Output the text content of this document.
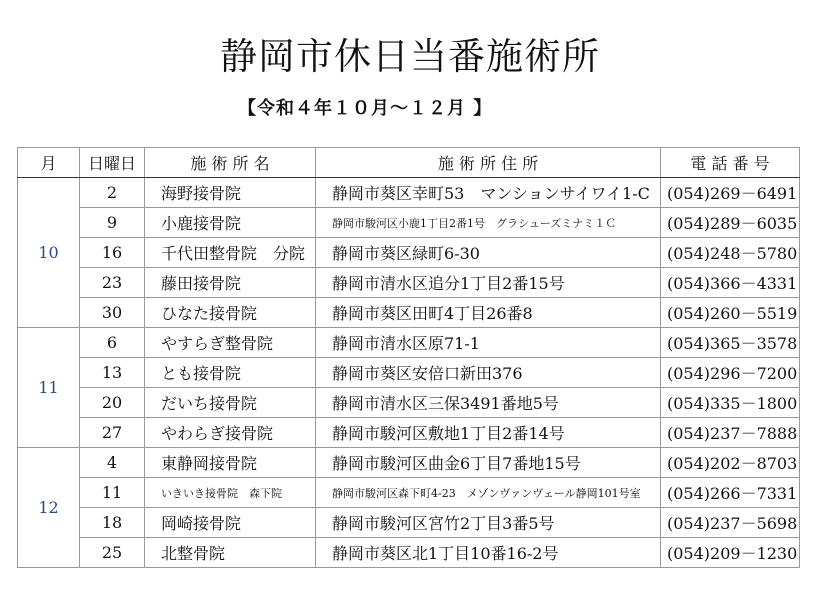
静岡市休日当番施術所
【令和４年１０月～１２月 】
月	日曜日	施 術 所 名	施 術 所 住 所	電 話 番 号
10	2	海野接骨院	静岡市葵区幸町53　マンションサイワイ1-C	(054)269－6491
	9	小鹿接骨院	静岡市駿河区小鹿1丁目2番1号　グラシューズミナミ１Ｃ	(054)289－6035
	16	千代田整骨院　分院	静岡市葵区緑町6-30	(054)248－5780
	23	藤田接骨院	静岡市清水区追分1丁目2番15号	(054)366－4331
	30	ひなた接骨院	静岡市葵区田町4丁目26番8	(054)260－5519
11	6	やすらぎ整骨院	静岡市清水区原71-1	(054)365－3578
	13	とも接骨院	静岡市葵区安倍口新田376	(054)296－7200
	20	だいち接骨院	静岡市清水区三保3491番地5号	(054)335－1800
	27	やわらぎ接骨院	静岡市駿河区敷地1丁目2番14号	(054)237－7888
12	4	東静岡接骨院	静岡市駿河区曲金6丁目7番地15号	(054)202－8703
	11	いきいき接骨院　森下院	静岡市駿河区森下町4-23　メゾンヴァンヴェール静岡101号室	(054)266－7331
	18	岡崎接骨院	静岡市駿河区宮竹2丁目3番5号	(054)237－5698
	25	北整骨院	静岡市葵区北1丁目10番16-2号	(054)209－1230
